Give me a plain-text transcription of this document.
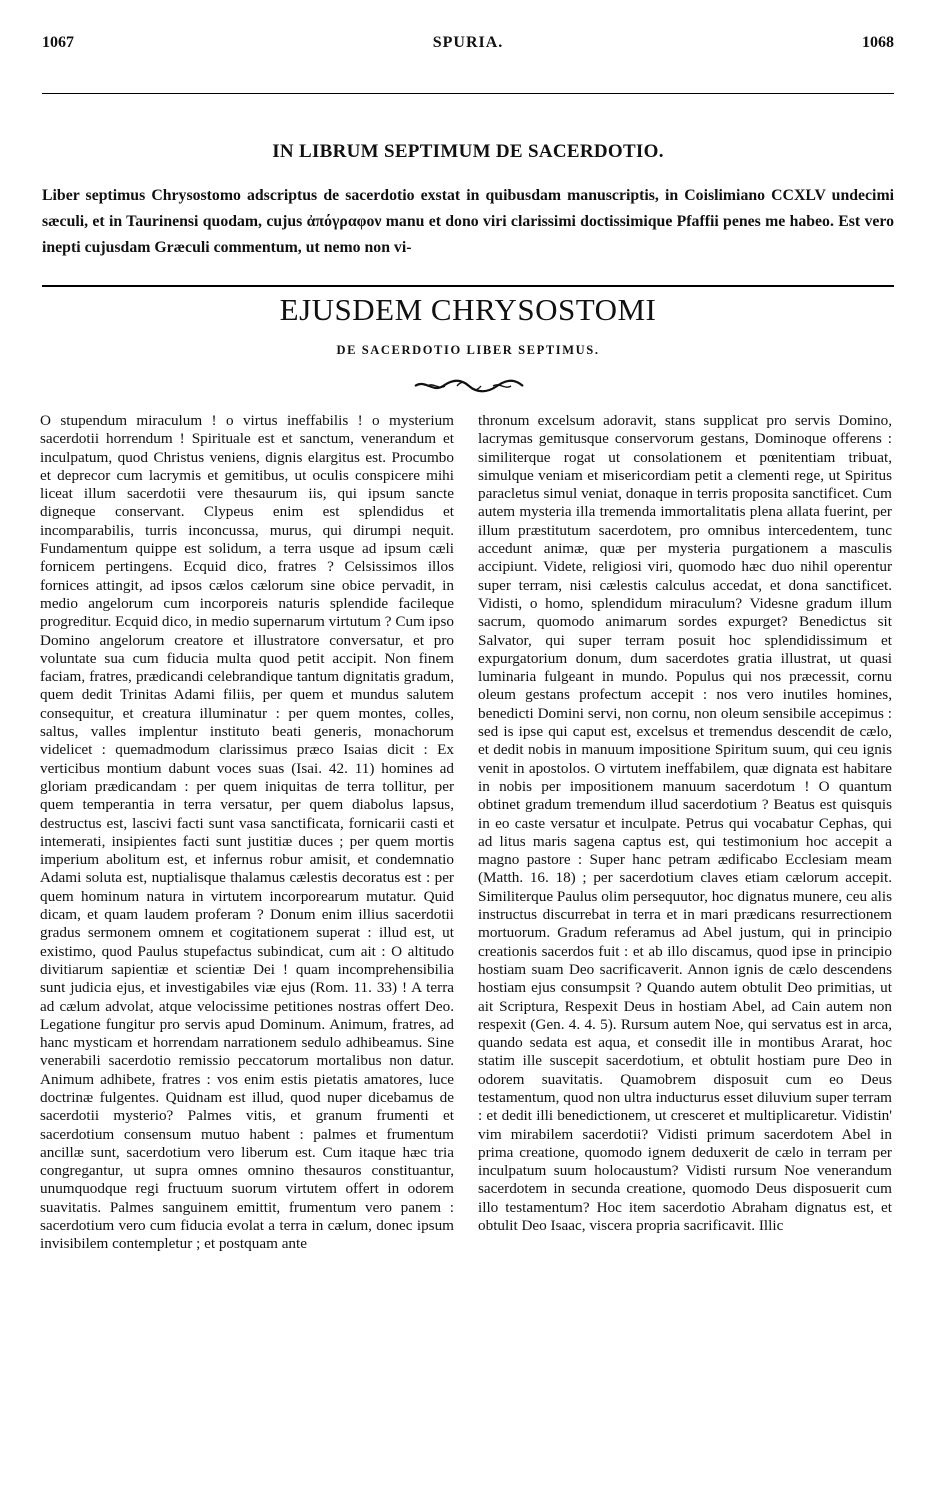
1067	SPURIA.	1068
IN LIBRUM SEPTIMUM DE SACERDOTIO.
Liber septimus Chrysostomo adscriptus de sacerdotio exstat in quibusdam manuscriptis, in Coislimiano CCXLV undecimi sæculi, et in Taurinensi quodam, cujus ἀπόγραφον manu et dono viri clarissimi doctissimique Pfaffii penes me habeo. Est vero inepti cujusdam Græculi commentum, ut nemo non vi-
EJUSDEM CHRYSOSTOMI
DE SACERDOTIO LIBER SEPTIMUS.

O stupendum miraculum ! o virtus ineffabilis ! o mysterium sacerdotii horrendum ! Spirituale est et sanctum, venerandum et inculpatum, quod Christus veniens, dignis elargitus est. Procumbo et deprecor cum lacrymis et gemitibus, ut oculis conspicere mihi liceat illum sacerdotii vere thesaurum iis, qui ipsum sancte digneque conservant. Clypeus enim est splendidus et incomparabilis, turris inconcussa, murus, qui dirumpi nequit. Fundamentum quippe est solidum, a terra usque ad ipsum cæli fornicem pertingens. Ecquid dico, fratres ? Celsissimos illos fornices attingit, ad ipsos cælos cælorum sine obice pervadit, in medio angelorum cum incorporeis naturis splendide facileque progreditur. Ecquid dico, in medio supernarum virtutum ? Cum ipso Domino angelorum creatore et illustratore conversatur, et pro voluntate sua cum fiducia multa quod petit accipit. Non finem faciam, fratres, prædicandi celebrandique tantum dignitatis gradum, quem dedit Trinitas Adami filiis, per quem et mundus salutem consequitur, et creatura illuminatur : per quem montes, colles, saltus, valles implentur instituto beati generis, monachorum videlicet : quemadmodum clarissimus præco Isaias dicit : Ex verticibus montium dabunt voces suas (Isai. 42. 11) homines ad gloriam prædicandam : per quem iniquitas de terra tollitur, per quem temperantia in terra versatur, per quem diabolus lapsus, destructus est, lascivi facti sunt vasa sanctificata, fornicarii casti et intemerati, insipientes facti sunt justitiæ duces ; per quem mortis imperium abolitum est, et infernus robur amisit, et condemnatio Adami soluta est, nuptialisque thalamus cælestis decoratus est : per quem hominum natura in virtutem incorporearum mutatur. Quid dicam, et quam laudem proferam ? Donum enim illius sacerdotii gradus sermonem omnem et cogitationem superat : illud est, ut existimo, quod Paulus stupefactus subindicat, cum ait : O altitudo divitiarum sapientiæ et scientiæ Dei ! quam incomprehensibilia sunt judicia ejus, et investigabiles viæ ejus (Rom. 11. 33) ! A terra ad cælum advolat, atque velocissime petitiones nostras offert Deo. Legatione fungitur pro servis apud Dominum. Animum, fratres, ad hanc mysticam et horrendam narrationem sedulo adhibeamus. Sine venerabili sacerdotio remissio peccatorum mortalibus non datur. Animum adhibete, fratres : vos enim estis pietatis amatores, luce doctrinæ fulgentes. Quidnam est illud, quod nuper dicebamus de sacerdotii mysterio? Palmes vitis, et granum frumenti et sacerdotium consensum mutuo habent : palmes et frumentum ancillæ sunt, sacerdotium vero liberum est. Cum itaque hæc tria congregantur, ut supra omnes omnino thesauros constituantur, unumquodque regi fructuum suorum virtutem offert in odorem suavitatis. Palmes sanguinem emittit, frumentum vero panem : sacerdotium vero cum fiducia evolat a terra in cælum, donec ipsum invisibilem contempletur ; et postquam ante

thronum excelsum adoravit, stans supplicat pro servis Domino, lacrymas gemitusque conservorum gestans, Dominoque offerens : similiterque rogat ut consolationem et pœnitentiam tribuat, simulque veniam et misericordiam petit a clementi rege, ut Spiritus paracletus simul veniat, donaque in terris proposita sanctificet. Cum autem mysteria illa tremenda immortalitatis plena allata fuerint, per illum præstitutum sacerdotem, pro omnibus intercedentem, tunc accedunt animæ, quæ per mysteria purgationem a masculis accipiunt. Videte, religiosi viri, quomodo hæc duo nihil operentur super terram, nisi cælestis calculus accedat, et dona sanctificet. Vidisti, o homo, splendidum miraculum? Videsne gradum illum sacrum, quomodo animarum sordes expurget? Benedictus sit Salvator, qui super terram posuit hoc splendidissimum et expurgatorium donum, dum sacerdotes gratia illustrat, ut quasi luminaria fulgeant in mundo. Populus qui nos præcessit, cornu oleum gestans profectum accepit : nos vero inutiles homines, benedicti Domini servi, non cornu, non oleum sensibile accepimus : sed is ipse qui caput est, excelsus et tremendus descendit de cælo, et dedit nobis in manuum impositione Spiritum suum, qui ceu ignis venit in apostolos. O virtutem ineffabilem, quæ dignata est habitare in nobis per impositionem manuum sacerdotum ! O quantum obtinet gradum tremendum illud sacerdotium ? Beatus est quisquis in eo caste versatur et inculpate. Petrus qui vocabatur Cephas, qui ad litus maris sagena captus est, qui testimonium hoc accepit a magno pastore : Super hanc petram ædificabo Ecclesiam meam (Matth. 16. 18) ; per sacerdotium claves etiam cælorum accepit. Similiterque Paulus olim persequutor, hoc dignatus munere, ceu alis instructus discurrebat in terra et in mari prædicans resurrectionem mortuorum. Gradum referamus ad Abel justum, qui in principio creationis sacerdos fuit : et ab illo discamus, quod ipse in principio hostiam suam Deo sacrificaverit. Annon ignis de cælo descendens hostiam ejus consumpsit ? Quando autem obtulit Deo primitias, ut ait Scriptura, Respexit Deus in hostiam Abel, ad Cain autem non respexit (Gen. 4. 4. 5). Rursum autem Noe, qui servatus est in arca, quando sedata est aqua, et consedit ille in montibus Ararat, hoc statim ille suscepit sacerdotium, et obtulit hostiam pure Deo in odorem suavitatis. Quamobrem disposuit cum eo Deus testamentum, quod non ultra inducturus esset diluvium super terram : et dedit illi benedictionem, ut cresceret et multiplicaretur. Vidistin' vim mirabilem sacerdotii? Vidisti primum sacerdotem Abel in prima creatione, quomodo ignem deduxerit de cælo in terram per inculpatum suum holocaustum? Vidisti rursum Noe venerandum sacerdotem in secunda creatione, quomodo Deus disposuerit cum illo testamentum? Hoc item sacerdotio Abraham dignatus est, et obtulit Deo Isaac, viscera propria sacrificavit. Illic
